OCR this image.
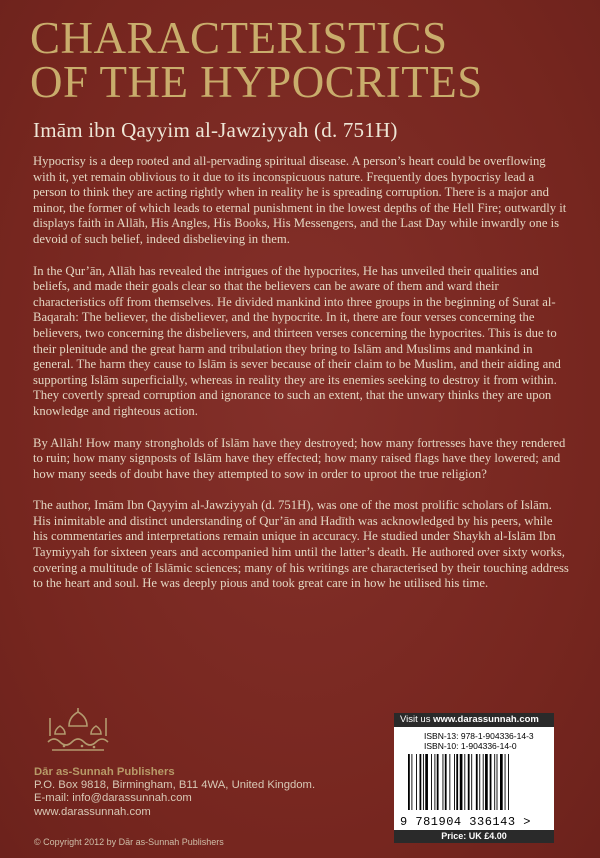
CHARACTERISTICS
OF THE HYPOCRITES
Imām ibn Qayyim al-Jawziyyah (d. 751H)

Hypocrisy is a deep rooted and all-pervading spiritual disease. A person’s heart could be overflowing with it, yet remain oblivious to it due to its inconspicuous nature. Frequently does hypocrisy lead a person to think they are acting rightly when in reality he is spreading corruption. There is a major and minor, the former of which leads to eternal punishment in the lowest depths of the Hell Fire; outwardly it displays faith in Allāh, His Angles, His Books, His Messengers, and the Last Day while inwardly one is devoid of such belief, indeed disbelieving in them.

In the Qur’ān, Allāh has revealed the intrigues of the hypocrites, He has unveiled their qualities and beliefs, and made their goals clear so that the believers can be aware of them and ward their characteristics off from themselves. He divided mankind into three groups in the beginning of Surat al-Baqarah: The believer, the disbeliever, and the hypocrite. In it, there are four verses concerning the believers, two concerning the disbelievers, and thirteen verses concerning the hypocrites. This is due to their plenitude and the great harm and tribulation they bring to Islām and Muslims and mankind in general. The harm they cause to Islām is sever because of their claim to be Muslim, and their aiding and supporting Islām superficially, whereas in reality they are its enemies seeking to destroy it from within. They covertly spread corruption and ignorance to such an extent, that the unwary thinks they are upon knowledge and righteous action.

By Allāh! How many strongholds of Islām have they destroyed; how many fortresses have they rendered to ruin; how many signposts of Islām have they effected; how many raised flags have they lowered; and how many seeds of doubt have they attempted to sow in order to uproot the true religion?

The author, Imām Ibn Qayyim al-Jawziyyah (d. 751H), was one of the most prolific scholars of Islām. His inimitable and distinct understanding of Qur’ān and Hadīth was acknowledged by his peers, while his commentaries and interpretations remain unique in accuracy. He studied under Shaykh al-Islām Ibn Taymiyyah for sixteen years and accompanied him until the latter’s death. He authored over sixty works, covering a multitude of Islāmic sciences; many of his writings are characterised by their touching address to the heart and soul. He was deeply pious and took great care in how he utilised his time.

Dār as-Sunnah Publishers
P.O. Box 9818, Birmingham, B11 4WA, United Kingdom.
E-mail: info@darassunnah.com
www.darassunnah.com
© Copyright 2012 by Dār as-Sunnah Publishers
Visit us www.darassunnah.com
ISBN-13: 978-1-904336-14-3
ISBN-10: 1-904336-14-0
9 781904 336143 >
Price: UK £4.00
